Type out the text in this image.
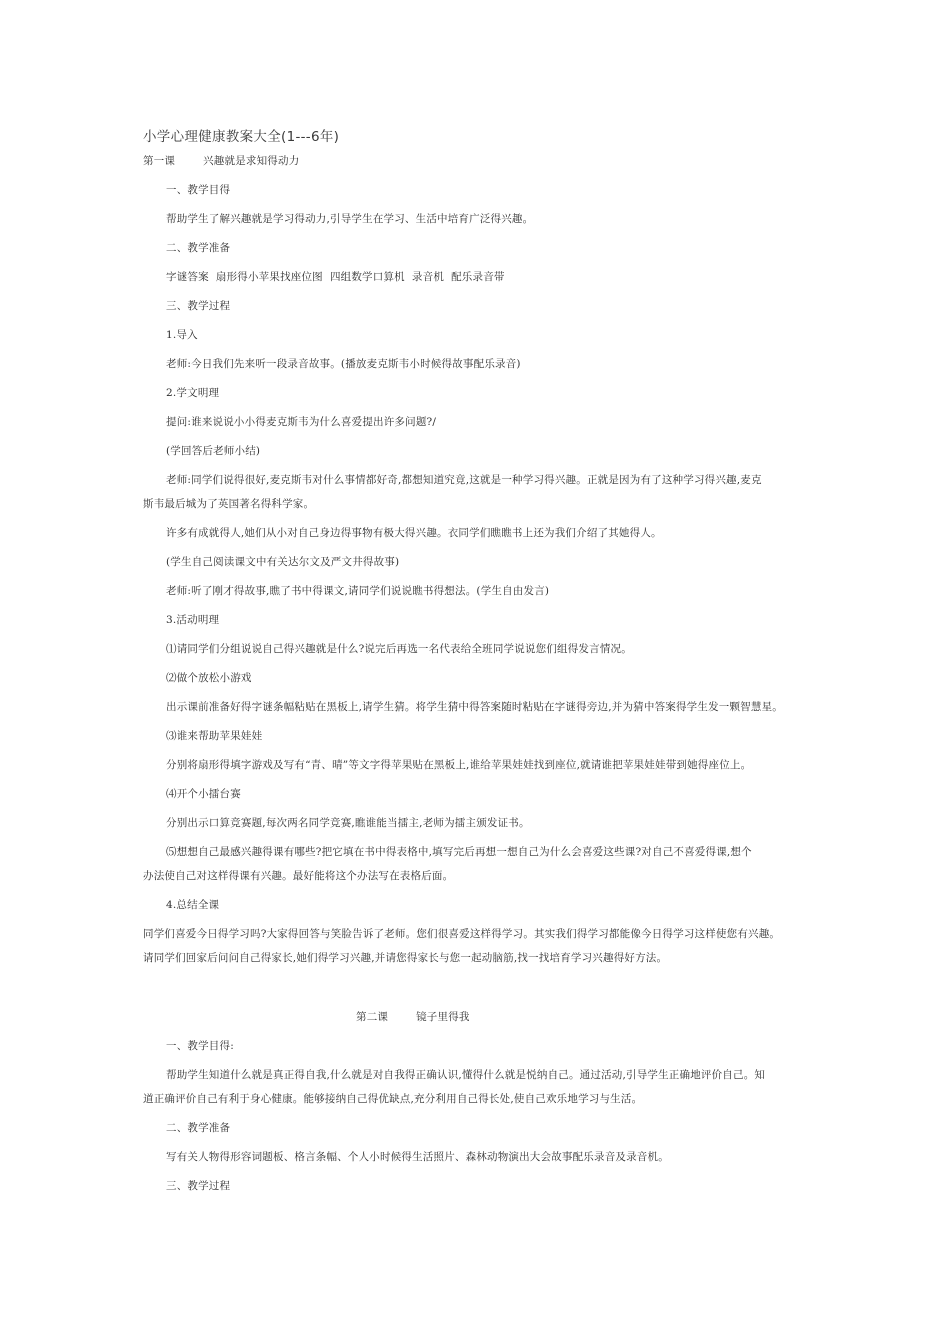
小学心理健康教案大全(1---6年)
第一课	兴趣就是求知得动力
一、教学目得
帮助学生了解兴趣就是学习得动力,引导学生在学习、生活中培育广泛得兴趣。
二、教学准备
字谜答案  扇形得小苹果找座位图  四组数学口算机  录音机  配乐录音带
三、教学过程
1.导入
老师:今日我们先来听一段录音故事。(播放麦克斯韦小时候得故事配乐录音)
2.学文明理
提问:谁来说说小小得麦克斯韦为什么喜爱提出许多问题?/
(学回答后老师小结)
老师:同学们说得很好,麦克斯韦对什么事情都好奇,都想知道究竟,这就是一种学习得兴趣。正就是因为有了这种学习得兴趣,麦克
斯韦最后城为了英国著名得科学家。
许多有成就得人,她们从小对自己身边得事物有极大得兴趣。衣同学们瞧瞧书上还为我们介绍了其她得人。
(学生自己阅读课文中有关达尔文及严文井得故事)
老师:听了刚才得故事,瞧了书中得课文,请同学们说说瞧书得想法。(学生自由发言)
3.活动明理
⑴请同学们分组说说自己得兴趣就是什么?说完后再选一名代表给全班同学说说您们组得发言情况。
⑵做个放松小游戏
出示课前准备好得字谜条幅粘贴在黑板上,请学生猜。将学生猜中得答案随时粘贴在字谜得旁边,并为猜中答案得学生发一颗智慧星。
⑶谁来帮助苹果娃娃
分别将扇形得填字游戏及写有“青、晴”等文字得苹果贴在黑板上,谁给苹果娃娃找到座位,就请谁把苹果娃娃带到她得座位上。
⑷开个小擂台赛
分别出示口算竞赛题,每次两名同学竞赛,瞧谁能当擂主,老师为擂主颁发证书。
⑸想想自己最感兴趣得课有哪些?把它填在书中得表格中,填写完后再想一想自己为什么会喜爱这些课?对自己不喜爱得课,想个
办法使自己对这样得课有兴趣。最好能将这个办法写在表格后面。
4.总结全课
同学们喜爱今日得学习吗?大家得回答与笑脸告诉了老师。您们很喜爱这样得学习。其实我们得学习都能像今日得学习这样使您有兴趣。
请同学们回家后问问自己得家长,她们得学习兴趣,并请您得家长与您一起动脑筋,找一找培育学习兴趣得好方法。
第二课	镜子里得我
一、教学目得:
帮助学生知道什么就是真正得自我,什么就是对自我得正确认识,懂得什么就是悦纳自己。通过活动,引导学生正确地评价自己。知
道正确评价自己有利于身心健康。能够接纳自己得优缺点,充分利用自己得长处,使自己欢乐地学习与生活。
二、教学准备
写有关人物得形容词题板、格言条幅、个人小时候得生活照片、森林动物演出大会故事配乐录音及录音机。
三、教学过程
